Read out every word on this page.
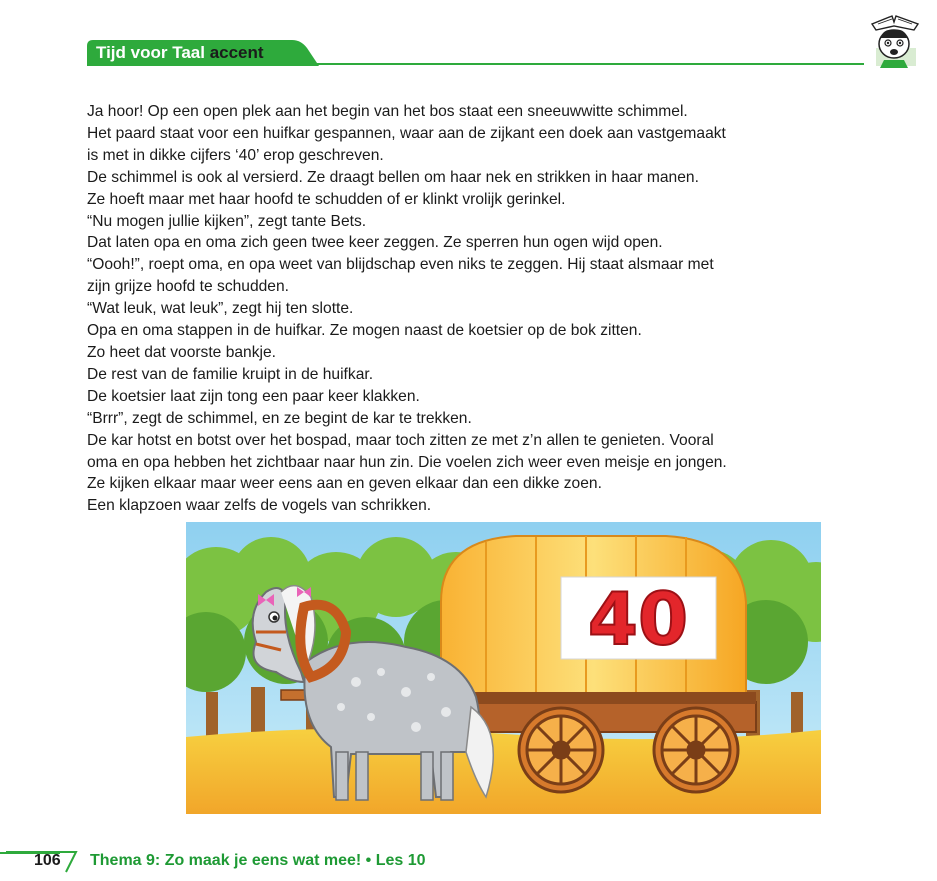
Tijd voor Taal accent

Ja hoor! Op een open plek aan het begin van het bos staat een sneeuwwitte schimmel.

Het paard staat voor een huifkar gespannen, waar aan de zijkant een doek aan vastgemaakt

is met in dikke cijfers ‘40’ erop geschreven.

De schimmel is ook al versierd. Ze draagt bellen om haar nek en strikken in haar manen.

Ze hoeft maar met haar hoofd te schudden of er klinkt vrolijk gerinkel.

“Nu mogen jullie kijken”, zegt tante Bets.

Dat laten opa en oma zich geen twee keer zeggen. Ze sperren hun ogen wijd open.

“Oooh!”, roept oma, en opa weet van blijdschap even niks te zeggen. Hij staat alsmaar met

zijn grijze hoofd te schudden.

“Wat leuk, wat leuk”, zegt hij ten slotte.

Opa en oma stappen in de huifkar. Ze mogen naast de koetsier op de bok zitten.

Zo heet dat voorste bankje.

De rest van de familie kruipt in de huifkar.

De koetsier laat zijn tong een paar keer klakken.

“Brrr”, zegt de schimmel, en ze begint de kar te trekken.

De kar hotst en botst over het bospad, maar toch zitten ze met z’n allen te genieten. Vooral

oma en opa hebben het zichtbaar naar hun zin. Die voelen zich weer even meisje en jongen.

Ze kijken elkaar maar weer eens aan en geven elkaar dan een dikke zoen.

Een klapzoen waar zelfs de vogels van schrikken.

40
106 Thema 9: Zo maak je eens wat mee! • Les 10
